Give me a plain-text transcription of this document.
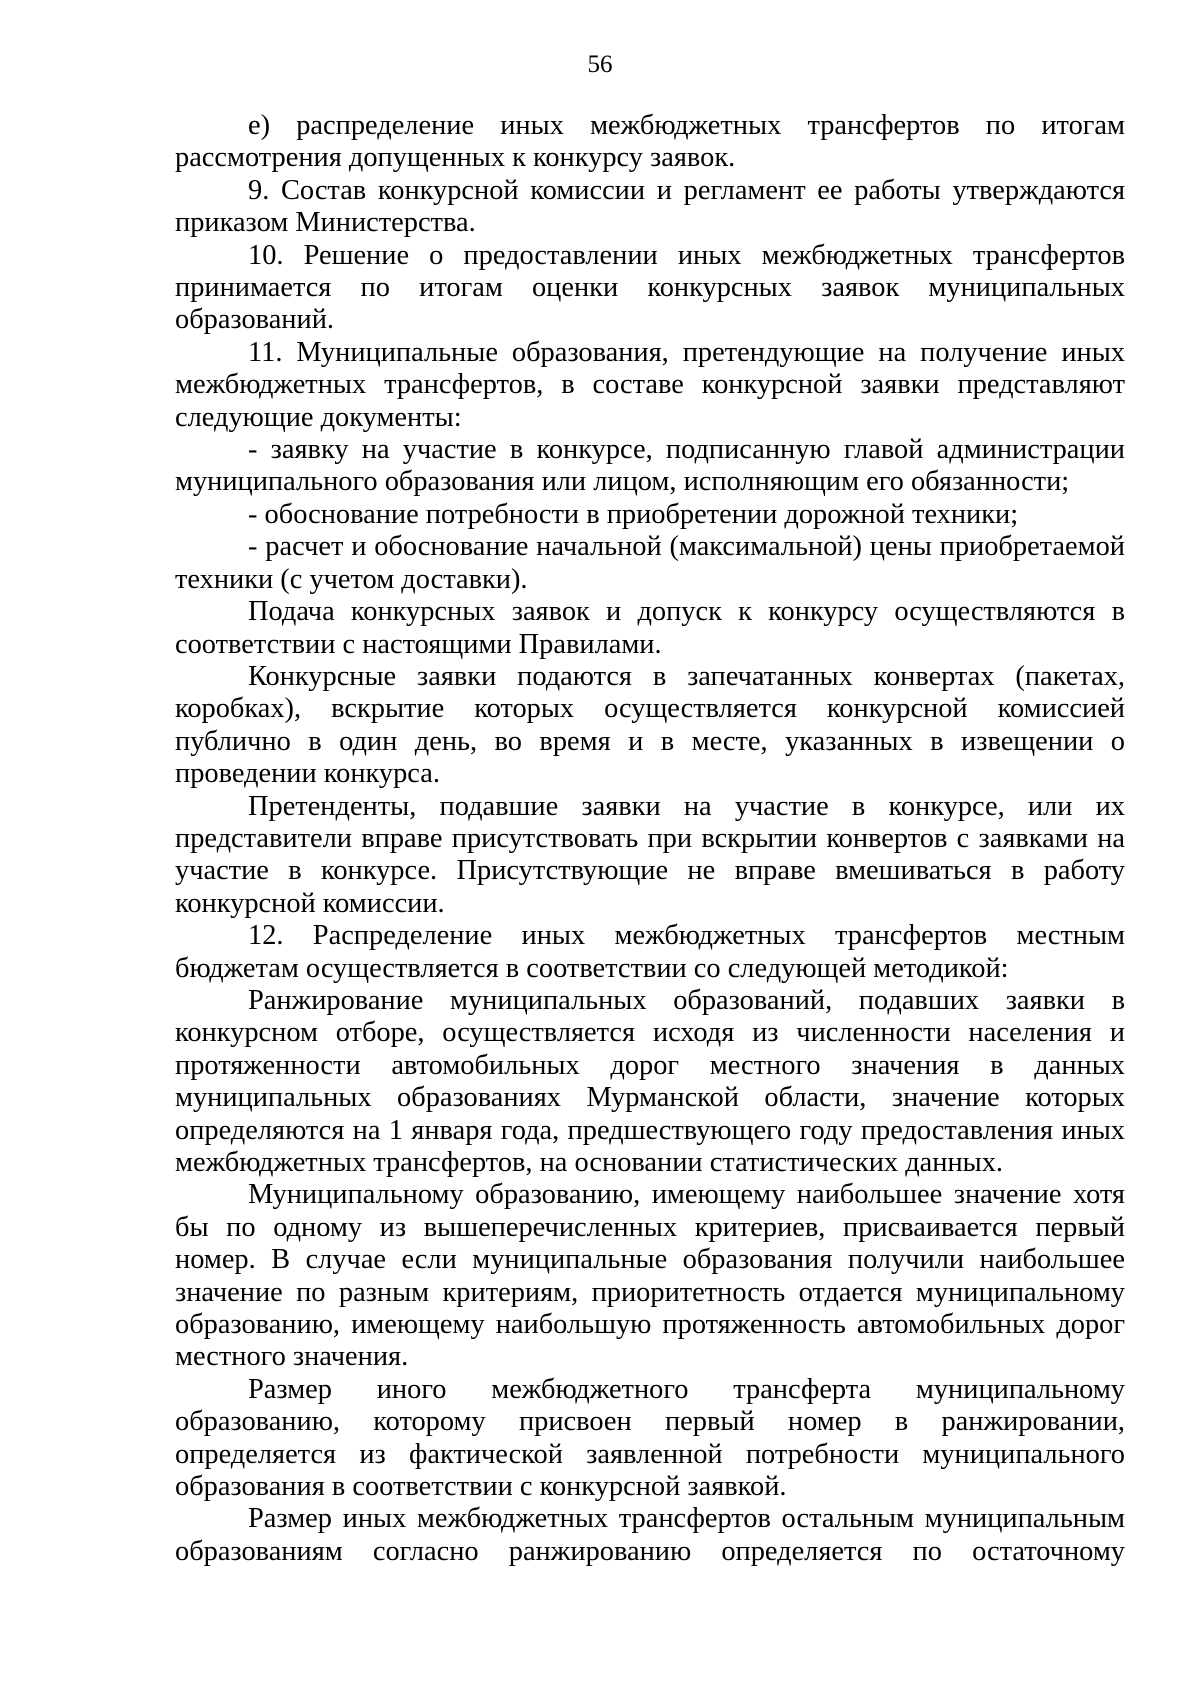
56

е) распределение иных межбюджетных трансфертов по итогам рассмотрения допущенных к конкурсу заявок.

9. Состав конкурсной комиссии и регламент ее работы утверждаются приказом Министерства.

10. Решение о предоставлении иных межбюджетных трансфертов принимается по итогам оценки конкурсных заявок муниципальных образований.

11. Муниципальные образования, претендующие на получение иных межбюджетных трансфертов, в составе конкурсной заявки представляют следующие документы:

- заявку на участие в конкурсе, подписанную главой администрации муниципального образования или лицом, исполняющим его обязанности;

- обоснование потребности в приобретении дорожной техники;

- расчет и обоснование начальной (максимальной) цены приобретаемой техники (с учетом доставки).

Подача конкурсных заявок и допуск к конкурсу осуществляются в соответствии с настоящими Правилами.

Конкурсные заявки подаются в запечатанных конвертах (пакетах, коробках), вскрытие которых осуществляется конкурсной комиссией публично в один день, во время и в месте, указанных в извещении о проведении конкурса.

Претенденты, подавшие заявки на участие в конкурсе, или их представители вправе присутствовать при вскрытии конвертов с заявками на участие в конкурсе. Присутствующие не вправе вмешиваться в работу конкурсной комиссии.

12. Распределение иных межбюджетных трансфертов местным бюджетам осуществляется в соответствии со следующей методикой:

Ранжирование муниципальных образований, подавших заявки в конкурсном отборе, осуществляется исходя из численности населения и протяженности автомобильных дорог местного значения в данных муниципальных образованиях Мурманской области, значение которых определяются на 1 января года, предшествующего году предоставления иных межбюджетных трансфертов, на основании статистических данных.

Муниципальному образованию, имеющему наибольшее значение хотя бы по одному из вышеперечисленных критериев, присваивается первый номер. В случае если муниципальные образования получили наибольшее значение по разным критериям, приоритетность отдается муниципальному образованию, имеющему наибольшую протяженность автомобильных дорог местного значения.

Размер иного межбюджетного трансферта муниципальному образованию, которому присвоен первый номер в ранжировании, определяется из фактической заявленной потребности муниципального образования в соответствии с конкурсной заявкой.

Размер иных межбюджетных трансфертов остальным муниципальным образованиям согласно ранжированию определяется по остаточному
